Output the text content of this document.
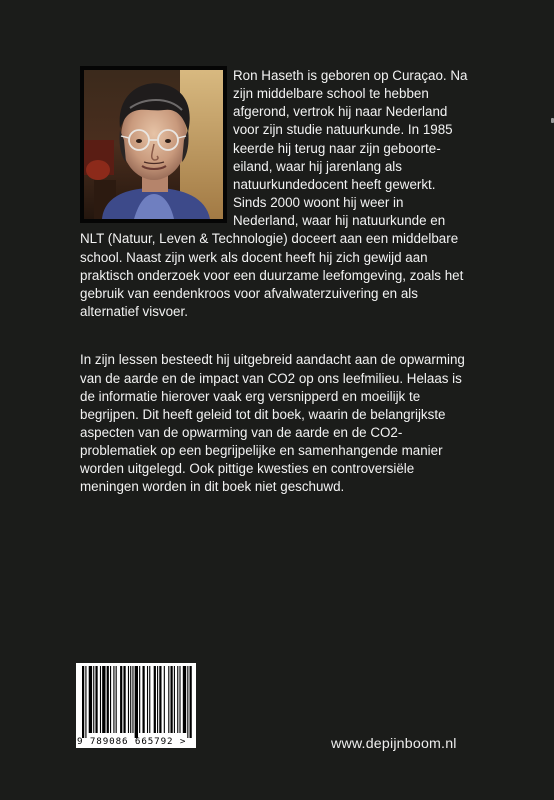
Ron Haseth is geboren op Curaçao. Na zijn middelbare school te hebben afgerond, vertrok hij naar Nederland voor zijn studie natuurkunde. In 1985 keerde hij terug naar zijn geboorte-eiland, waar hij jarenlang als natuurkundedocent heeft gewerkt. Sinds 2000 woont hij weer in Nederland, waar hij natuurkunde en NLT (Natuur, Leven & Technologie) doceert aan een middelbare school. Naast zijn werk als docent heeft hij zich gewijd aan praktisch onderzoek voor een duurzame leefomgeving, zoals het gebruik van eendenkroos voor afvalwaterzuivering en als alternatief visvoer.

In zijn lessen besteedt hij uitgebreid aandacht aan de opwarming van de aarde en de impact van CO2 op ons leefmilieu. Helaas is de informatie hierover vaak erg versnipperd en moeilijk te begrijpen. Dit heeft geleid tot dit boek, waarin de belangrijkste aspecten van de opwarming van de aarde en de CO2-problematiek op een begrijpelijke en samenhangende manier worden uitgelegd. Ook pittige kwesties en controversiële meningen worden in dit boek niet geschuwd.

9 789086 665792 >	www.depijnboom.nl
